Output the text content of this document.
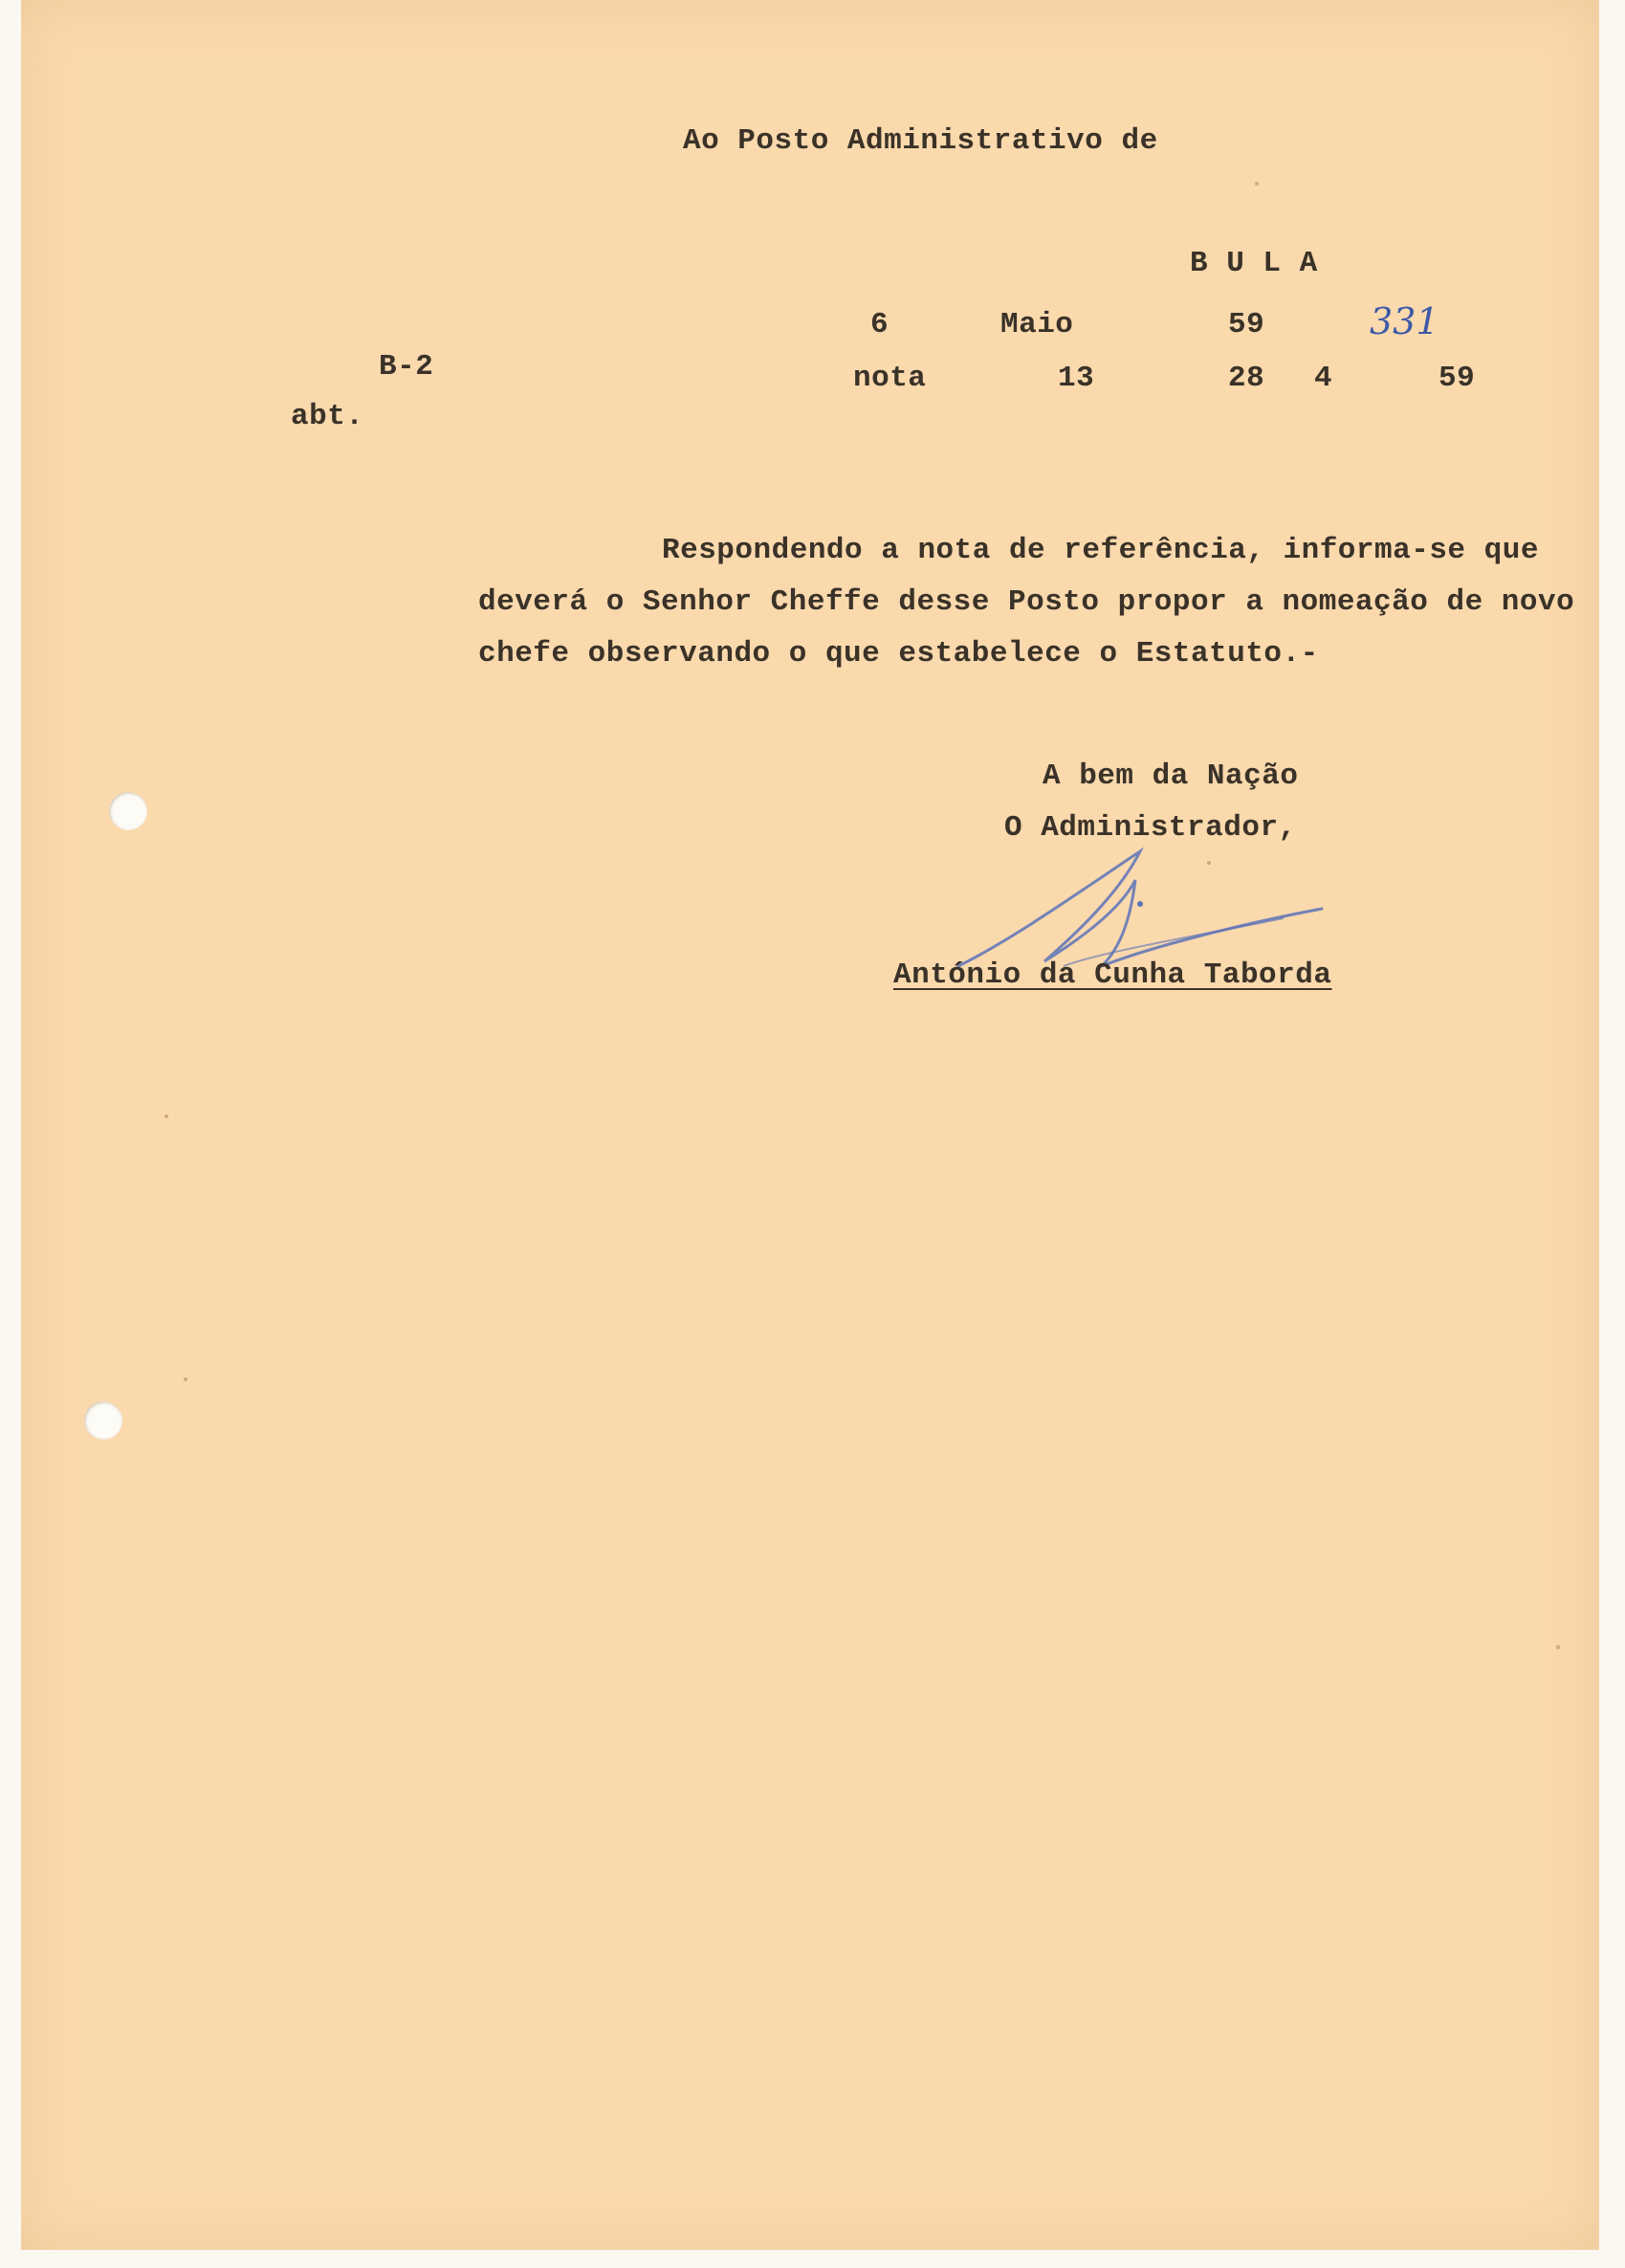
Ao Posto Administrativo de
B U L A
6	Maio	59	331
B-2
abt.
nota	13	28 4	59
Respondendo a nota de referência, informa-se que
deverá o Senhor Cheffe desse Posto propor a nomeação de novo
chefe observando o que estabelece o Estatuto.-
A bem da Nação
O Administrador,
António da Cunha Taborda
